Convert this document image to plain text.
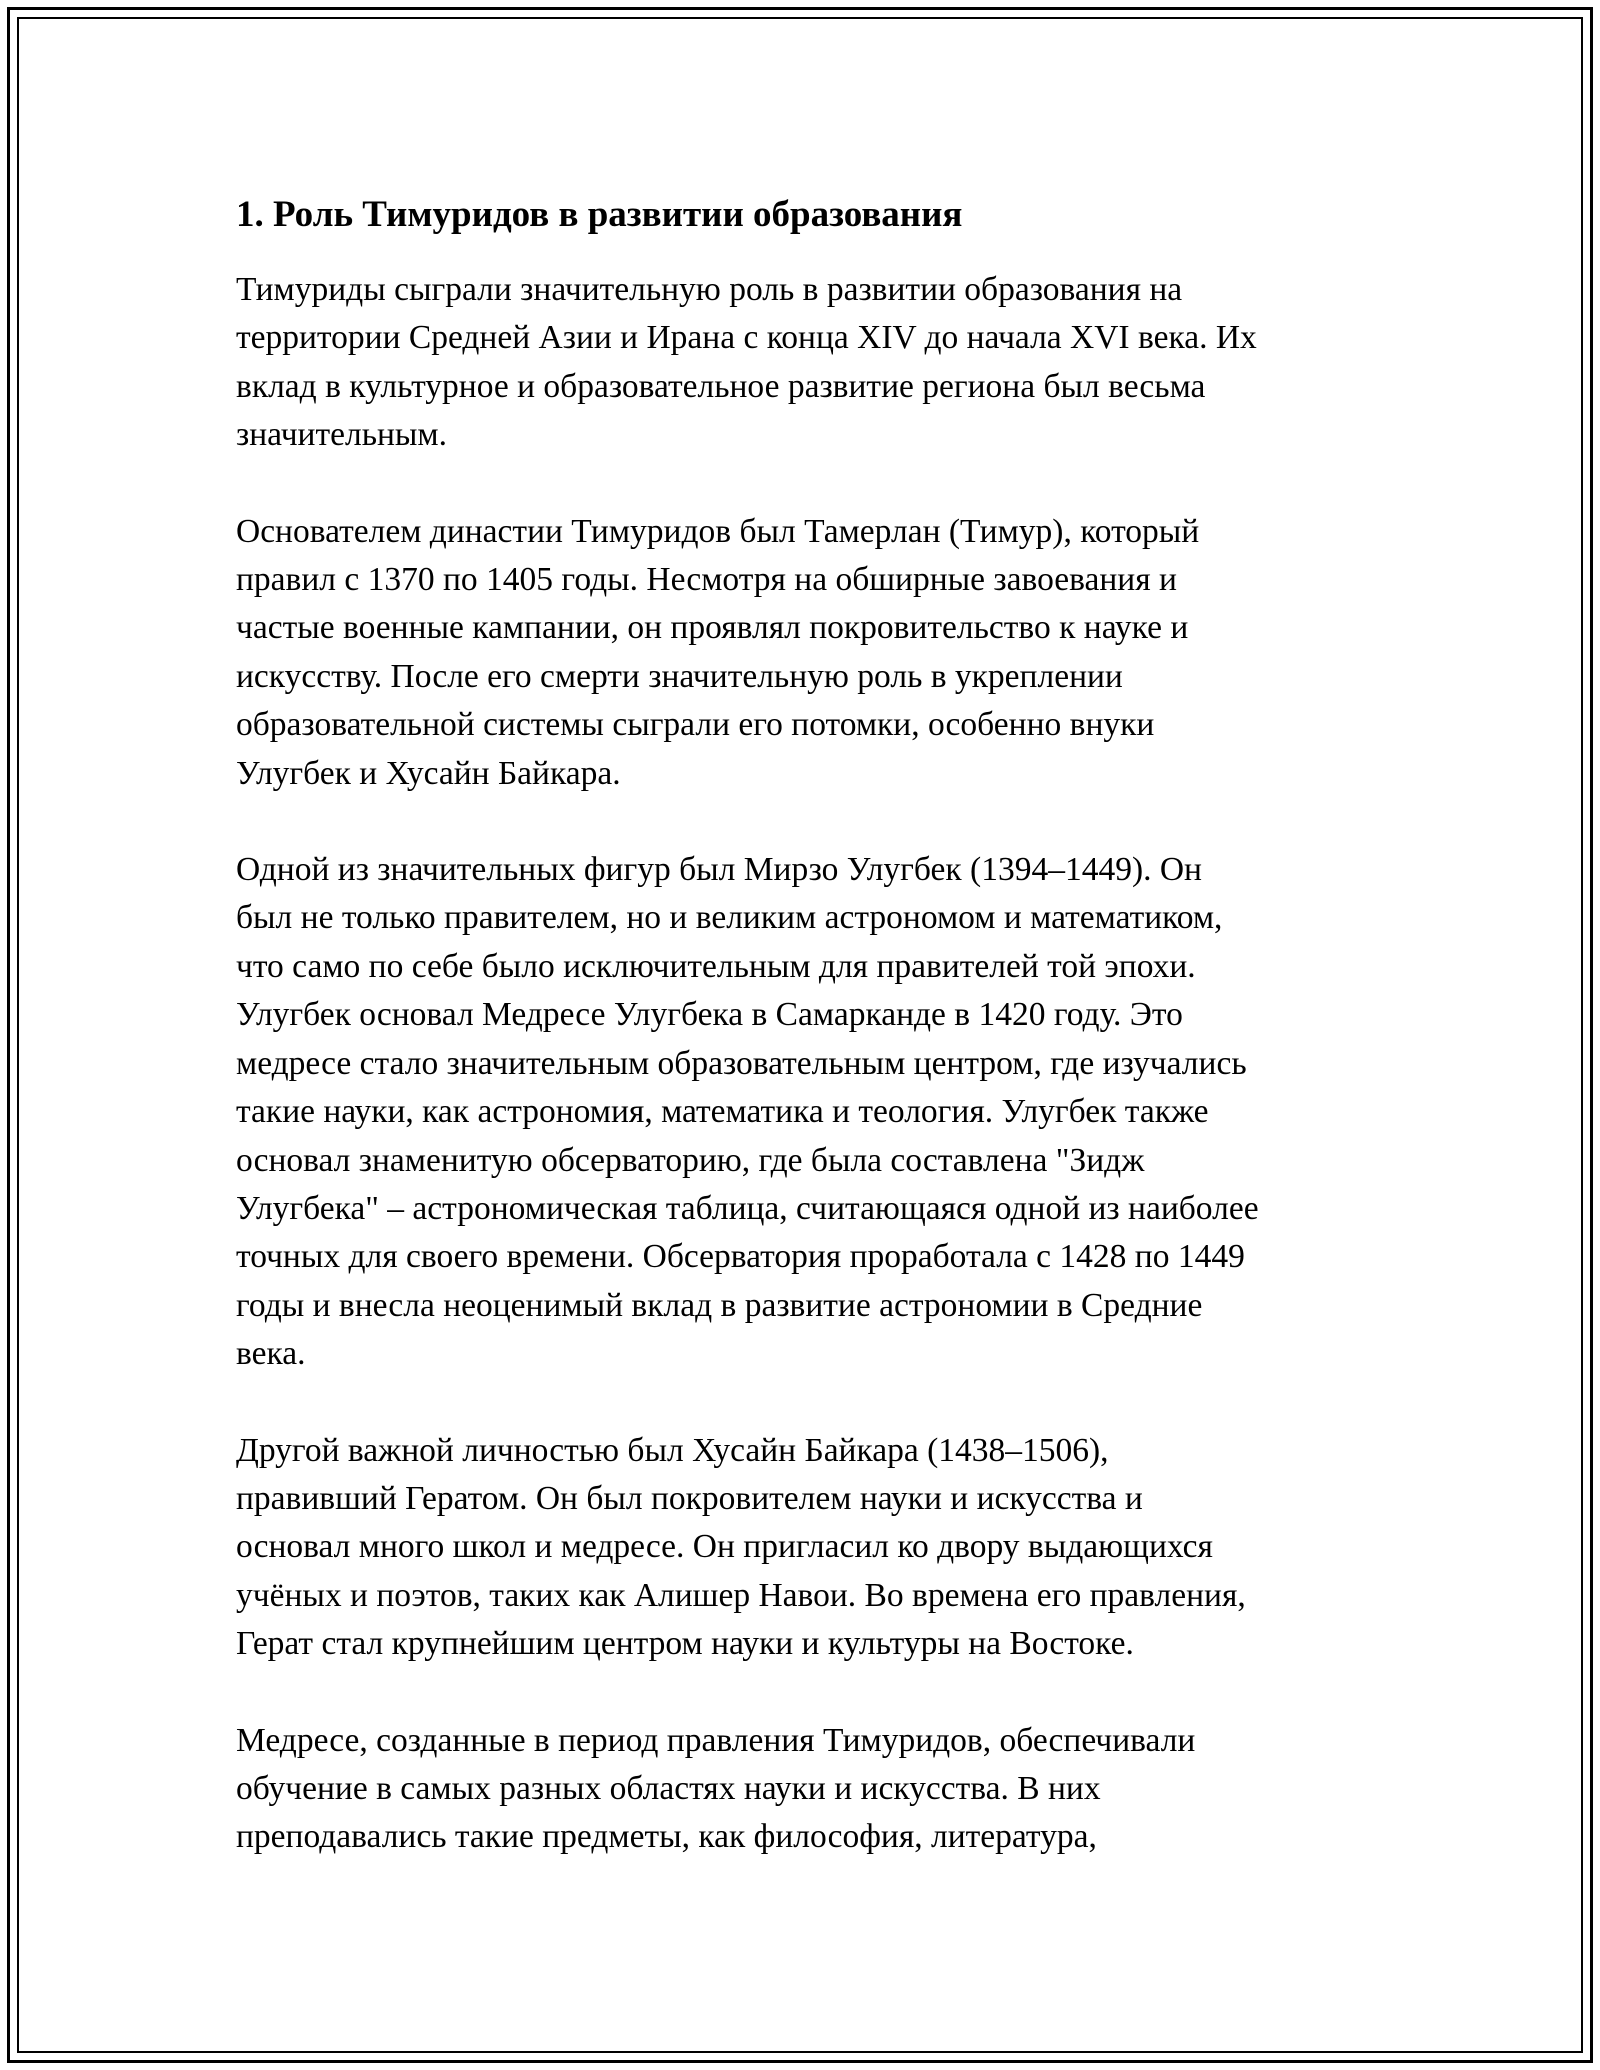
1. Роль Тимуридов в развитии образования

Тимуриды сыграли значительную роль в развитии образования на
территории Средней Азии и Ирана с конца XIV до начала XVI века. Их
вклад в культурное и образовательное развитие региона был весьма
значительным.

Основателем династии Тимуридов был Тамерлан (Тимур), который
правил с 1370 по 1405 годы. Несмотря на обширные завоевания и
частые военные кампании, он проявлял покровительство к науке и
искусству. После его смерти значительную роль в укреплении
образовательной системы сыграли его потомки, особенно внуки
Улугбек и Хусайн Байкара.

Одной из значительных фигур был Мирзо Улугбек (1394–1449). Он
был не только правителем, но и великим астрономом и математиком,
что само по себе было исключительным для правителей той эпохи.
Улугбек основал Медресе Улугбека в Самарканде в 1420 году. Это
медресе стало значительным образовательным центром, где изучались
такие науки, как астрономия, математика и теология. Улугбек также
основал знаменитую обсерваторию, где была составлена "Зидж
Улугбека" – астрономическая таблица, считающаяся одной из наиболее
точных для своего времени. Обсерватория проработала с 1428 по 1449
годы и внесла неоценимый вклад в развитие астрономии в Средние
века.

Другой важной личностью был Хусайн Байкара (1438–1506),
правивший Гератом. Он был покровителем науки и искусства и
основал много школ и медресе. Он пригласил ко двору выдающихся
учёных и поэтов, таких как Алишер Навои. Во времена его правления,
Герат стал крупнейшим центром науки и культуры на Востоке.

Медресе, созданные в период правления Тимуридов, обеспечивали
обучение в самых разных областях науки и искусства. В них
преподавались такие предметы, как философия, литература,
